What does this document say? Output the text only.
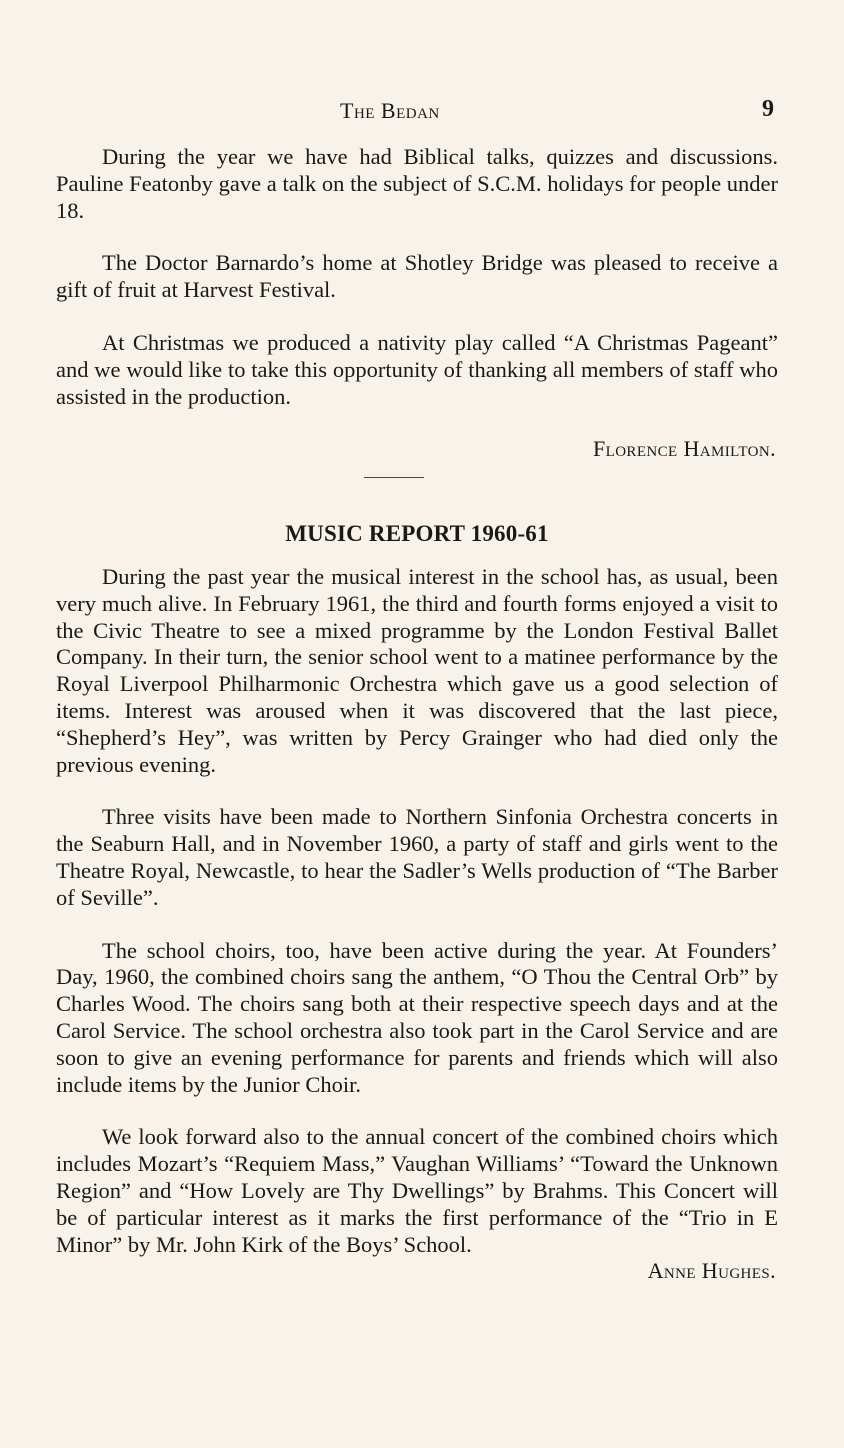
The Bedan	9

During the year we have had Biblical talks, quizzes and discussions. Pauline Featonby gave a talk on the subject of S.C.M. holidays for people under 18.

The Doctor Barnardo’s home at Shotley Bridge was pleased to receive a gift of fruit at Harvest Festival.

At Christmas we produced a nativity play called “A Christmas Pageant” and we would like to take this opportunity of thanking all members of staff who assisted in the production.

Florence Hamilton.
MUSIC REPORT 1960-61

During the past year the musical interest in the school has, as usual, been very much alive. In February 1961, the third and fourth forms enjoyed a visit to the Civic Theatre to see a mixed programme by the London Festival Ballet Company. In their turn, the senior school went to a matinee performance by the Royal Liverpool Philharmonic Orchestra which gave us a good selection of items. Interest was aroused when it was discovered that the last piece, “Shepherd’s Hey”, was written by Percy Grainger who had died only the previous evening.

Three visits have been made to Northern Sinfonia Orchestra concerts in the Seaburn Hall, and in November 1960, a party of staff and girls went to the Theatre Royal, Newcastle, to hear the Sadler’s Wells production of “The Barber of Seville”.

The school choirs, too, have been active during the year. At Founders’ Day, 1960, the combined choirs sang the anthem, “O Thou the Central Orb” by Charles Wood. The choirs sang both at their respective speech days and at the Carol Service. The school orchestra also took part in the Carol Service and are soon to give an evening performance for parents and friends which will also include items by the Junior Choir.

We look forward also to the annual concert of the combined choirs which includes Mozart’s “Requiem Mass,” Vaughan Williams’ “Toward the Unknown Region” and “How Lovely are Thy Dwellings” by Brahms. This Concert will be of particular interest as it marks the first performance of the “Trio in E Minor” by Mr. John Kirk of the Boys’ School.

Anne Hughes.
